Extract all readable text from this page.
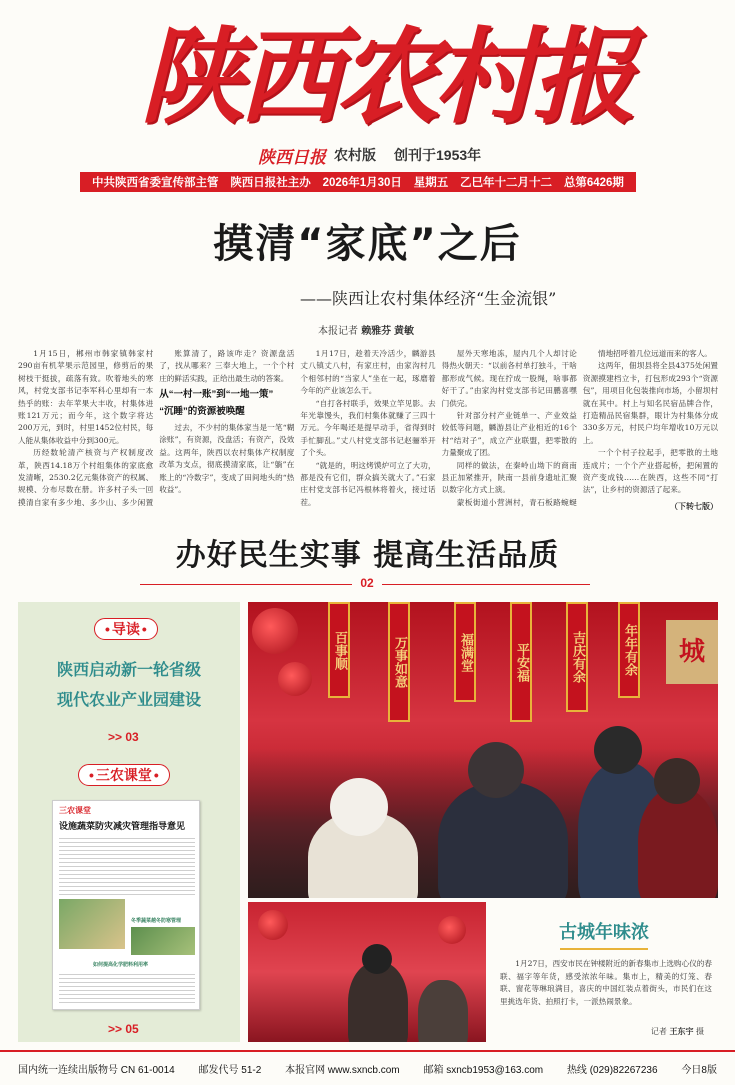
陕西农村报
陕西日报 农村版 创刊于1953年
中共陕西省委宣传部主管 陕西日报社主办 2026年1月30日 星期五 乙巳年十二月十二 总第6426期
摸清“家底”之后
——陕西让农村集体经济“生金流银”
本报记者 赖雅芬 黄敏

1月15日，郴州市韩家镇韩家村290亩有机苹果示范园里，修剪后的果树枝干挺拔，疏落有致。吹着地头的寒风，村党支部书记李军科心里却有一本热乎的账：去年苹果大丰收，村集体进账121万元；而今年，这个数字将达200万元，到时，村里1452位村民，每人能从集体收益中分到300元。

历经数轮清产核资与产权制度改革，陕西14.18万个村组集体的家底愈发清晰，2530.2亿元集体资产的权属、规模、分布尽数在册。许多村子头一回摸清自家有多少地、多少山、多少闲置

账算清了，路该咋走？资源盘活了，找从哪来？三奉大地上，一个个村庄的鲜活实践，正给出最生动的答案。

从“一村一账”到“一地一策”

“沉睡”的资源被唤醒

过去，不少村的集体家当是一笔“糊涂账”，有资源，没盘活；有资产，没效益。这两年，陕西以农村集体产权制度改革为支点，彻底摸清家底，让“躺”在账上的“冷数字”，变成了田间地头的“热收益”。

1月17日，趁着天冷活少，麟游县丈八镇丈八村，有家庄村，由家沟村几个相邻村的“当家人”坐在一起，琢磨着今年的产业该怎么干。

“自打各村联手，效果立竿见影。去年光靠馒头，我们村集体就赚了三四十万元。今年喝还是提早动手，省得到时手忙脚乱。”丈八村党支部书记赵骊举开了个头。

“就是的，明这烤馍炉可立了大功，都是没有它们，群众搞关就大了。”石家庄村党支部书记冯根林将着火，接过话茬。

屋外天寒地冻，屋内几个人却讨论得热火朝天：“以前各村单打独斗，干啥都形成气候。现在拧成一股绳，啥事都好干了。”由家沟村党支部书记田鹏喜嘿门供完。

针对部分村产业链单一、产业效益较低等问题，麟游县让产业相近的16个村“结对子”，成立产业联盟，把零散的力量聚成了团。

同样的做法，在秦岭山坳下的商南县正加紧推开，陕南一县前身遗址汇聚以数字化方式上演。

蒙板街道小营洲村，青石板路蜿蜒

情地招呼着几位远道而来的客人。

这两年，佃坝县将全县4375处闲置资源摸建档立卡，打包形成293个“资源包”，用项目化包装推向市场，小留坝村就在其中。村上与知名民宿品牌合作，打造精品民宿集群，眼计为村集体分成330多万元，村民户均年增收10万元以上。

一个个村子拉起手，把零散的土地连成片；一个个产业搭起桥，把闲置的资产变成钱……在陕西，这些不同“打法”，让乡村的资源活了起来。

（下转七版）

办好民生实事 提高生活品质
02
• 导读 •
陕西启动新一轮省级
现代农业产业园建设
>> 03
• 三农课堂 •
三农课堂
设施蔬菜防灾减灾管理指导意见
冬季蔬菜越冬防寒管理
如何提高化学肥料利用率
>> 05
百事顺	万事如意	福满堂	平安福	吉庆有余	年年有余	城
古城年味浓

1月27日，西安市民在钟楼附近的新春集市上选购心仪的春联、福字等年货，感受浓浓年味。集市上，精美的灯笼、春联、窗花等琳琅满目，喜庆的中国红装点着街头，市民们在这里挑选年货、拍照打卡，一派热闹景象。

记者 王东宇 摄
国内统一连续出版物号 CN 61-0014 邮发代号 51-2 本报官网 www.sxncb.com 邮箱 sxncb1953@163.com 热线 (029)82267236 今日8版
